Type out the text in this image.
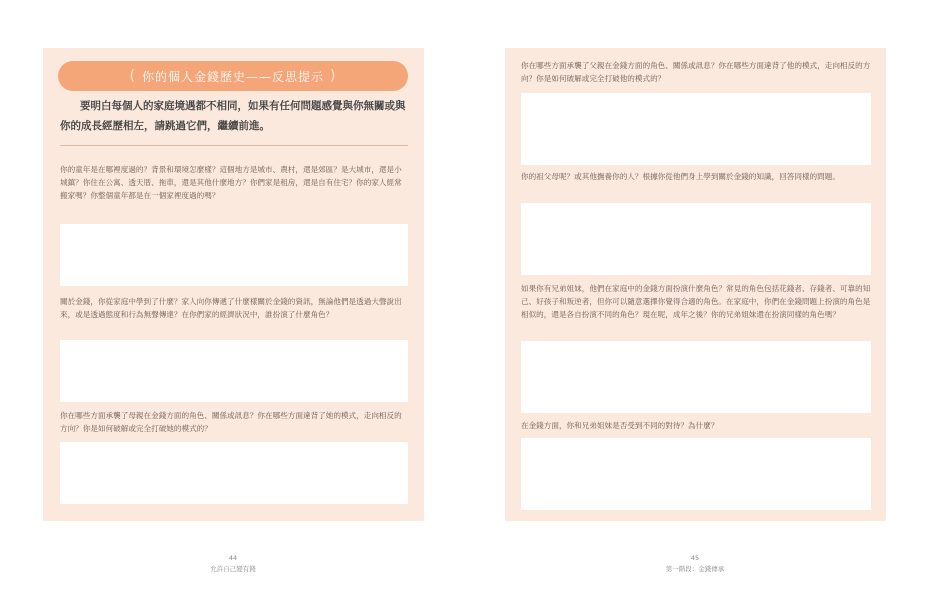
( 你的個人金錢歷史——反思提示 )
要明白每個人的家庭境遇都不相同，如果有任何問題感覺與你無關或與你的成長經歷相左，請跳過它們，繼續前進。
你的童年是在哪裡度過的？背景和環境怎麼樣？這個地方是城市、農村，還是郊區？是大城市，還是小城鎮？你住在公寓、透天厝、拖車，還是其他什麼地方？你們家是租房，還是自有住宅？你的家人經常搬家嗎？你整個童年都是在一個家裡度過的嗎？
關於金錢，你從家庭中學到了什麼？家人向你傳遞了什麼樣關於金錢的資訊，無論他們是透過大聲說出來，或是透過態度和行為無聲傳達？在你們家的經濟狀況中，誰扮演了什麼角色？
你在哪些方面承襲了母親在金錢方面的角色、關係或訊息？你在哪些方面違背了她的模式，走向相反的方向？你是如何破解或完全打破她的模式的？
你在哪些方面承襲了父親在金錢方面的角色、關係或訊息？你在哪些方面違背了他的模式，走向相反的方向？你是如何破解或完全打破他的模式的？
你的祖父母呢？或其他撫養你的人？根據你從他們身上學到關於金錢的知識，回答同樣的問題。
如果你有兄弟姐妹，他們在家庭中的金錢方面扮演什麼角色？常見的角色包括花錢者、存錢者、可靠的知己、好孩子和叛逆者，但你可以隨意選擇你覺得合適的角色。在家庭中，你們在金錢問題上扮演的角色是相似的，還是各自扮演不同的角色？現在呢，成年之後？你的兄弟姐妹還在扮演同樣的角色嗎？
在金錢方面，你和兄弟姐妹是否受到不同的對待？為什麼？
44
允許自己變有錢
45
第一階段：金錢傳承
